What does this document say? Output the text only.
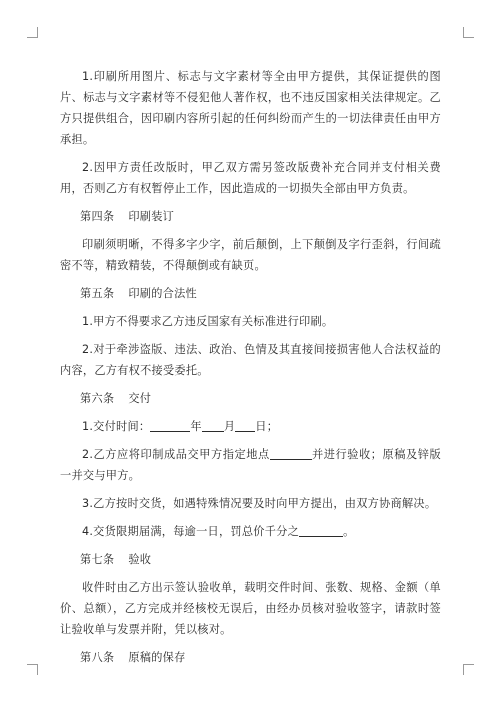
1.印刷所用图片、标志与文字素材等全由甲方提供，其保证提供的图片、标志与文字素材等不侵犯他人著作权，也不违反国家相关法律规定。乙方只提供组合，因印刷内容所引起的任何纠纷而产生的一切法律责任由甲方承担。

2.因甲方责任改版时，甲乙双方需另签改版费补充合同并支付相关费用，否则乙方有权暂停止工作，因此造成的一切损失全部由甲方负责。

第四条 印刷装订

印刷须明晰，不得多字少字，前后颠倒，上下颠倒及字行歪斜，行间疏密不等，精致精装，不得颠倒或有缺页。

第五条 印刷的合法性

1.甲方不得要求乙方违反国家有关标准进行印刷。

2.对于牵涉盗版、违法、政治、色情及其直接间接损害他人合法权益的内容，乙方有权不接受委托。

第六条 交付

1.交付时间：	年 月 日；

2.乙方应将印制成品交甲方指定地点	并进行验收；原稿及锌版一并交与甲方。

3.乙方按时交货，如遇特殊情况要及时向甲方提出，由双方协商解决。

4.交货限期届满，每逾一日，罚总价千分之	。

第七条 验收

收件时由乙方出示签认验收单，载明交件时间、张数、规格、金额（单价、总额），乙方完成并经核校无误后，由经办员核对验收签字，请款时签让验收单与发票并附，凭以核对。

第八条 原稿的保存
